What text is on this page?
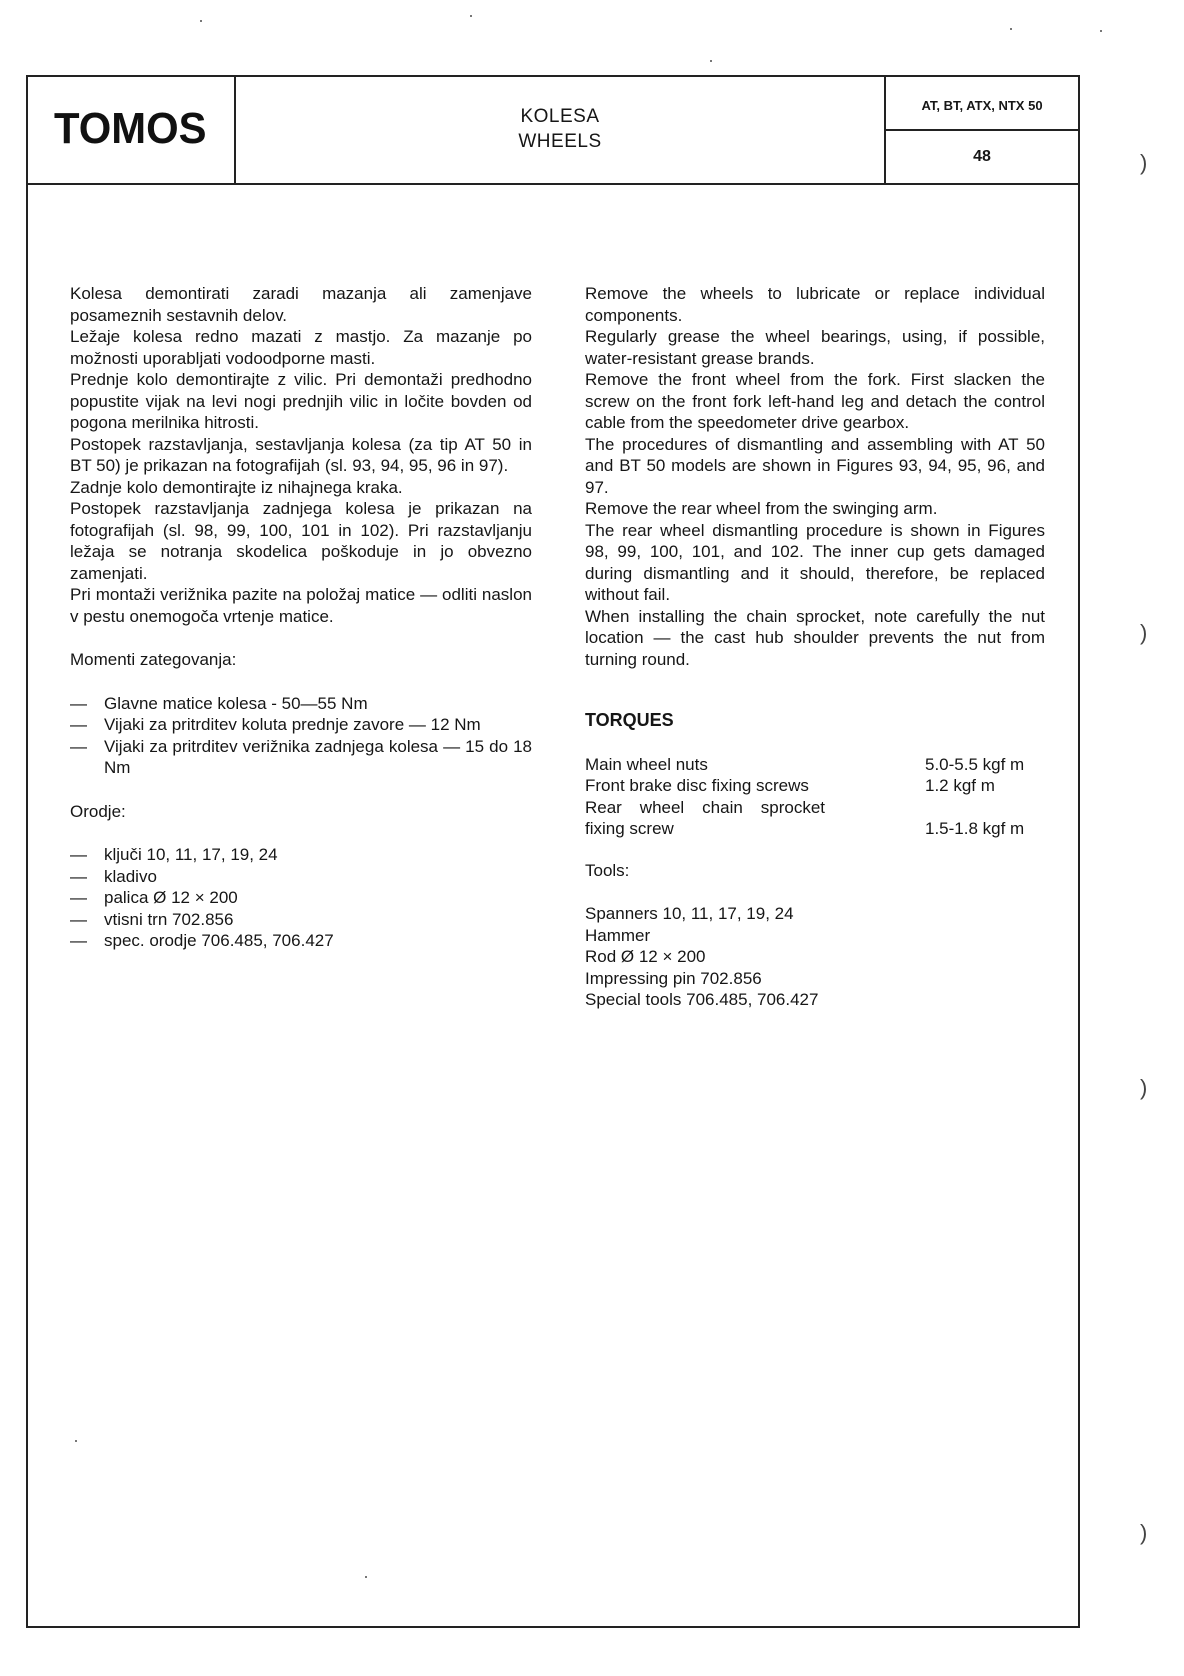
TOMOS	KOLESA
WHEELS
AT, BT, ATX, NTX 50
48

Kolesa demontirati zaradi mazanja ali zamenjave posameznih sestavnih delov.

Ležaje kolesa redno mazati z mastjo. Za mazanje po možnosti uporabljati vodoodporne masti.

Prednje kolo demontirajte z vilic. Pri demontaži predhodno popustite vijak na levi nogi prednjih vilic in ločite bovden od pogona merilnika hitrosti.

Postopek razstavljanja, sestavljanja kolesa (za tip AT 50 in BT 50) je prikazan na fotografijah (sl. 93, 94, 95, 96 in 97).

Zadnje kolo demontirajte iz nihajnega kraka.

Postopek razstavljanja zadnjega kolesa je prikazan na fotografijah (sl. 98, 99, 100, 101 in 102). Pri razstavljanju ležaja se notranja skodelica poškoduje in jo obvezno zamenjati.

Pri montaži verižnika pazite na položaj matice — odliti naslon v pestu onemogoča vrtenje matice.

Momenti zategovanja:

— Glavne matice kolesa - 50—55 Nm
— Vijaki za pritrditev koluta prednje zavore — 12 Nm
— Vijaki za pritrditev verižnika zadnjega kolesa — 15 do 18 Nm

Orodje:

— ključi 10, 11, 17, 19, 24
— kladivo
— palica Ø 12 × 200
— vtisni trn 702.856
— spec. orodje 706.485, 706.427

Remove the wheels to lubricate or replace individual components.

Regularly grease the wheel bearings, using, if possible, water-resistant grease brands.

Remove the front wheel from the fork. First slacken the screw on the front fork left-hand leg and detach the control cable from the speedometer drive gearbox.

The procedures of dismantling and assembling with AT 50 and BT 50 models are shown in Figures 93, 94, 95, 96, and 97.

Remove the rear wheel from the swinging arm.

The rear wheel dismantling procedure is shown in Figures 98, 99, 100, 101, and 102. The inner cup gets damaged during dismantling and it should, therefore, be replaced without fail.

When installing the chain sprocket, note carefully the nut location — the cast hub shoulder prevents the nut from turning round.

TORQUES

Main wheel nuts	5.0-5.5 kgf m
Front brake disc fixing screws	1.2 kgf m
Rear wheel chain sprocket fixing screw	1.5-1.8 kgf m

Tools:

Spanners 10, 11, 17, 19, 24
Hammer
Rod Ø 12 × 200
Impressing pin 702.856
Special tools 706.485, 706.427
)
)
)
)
